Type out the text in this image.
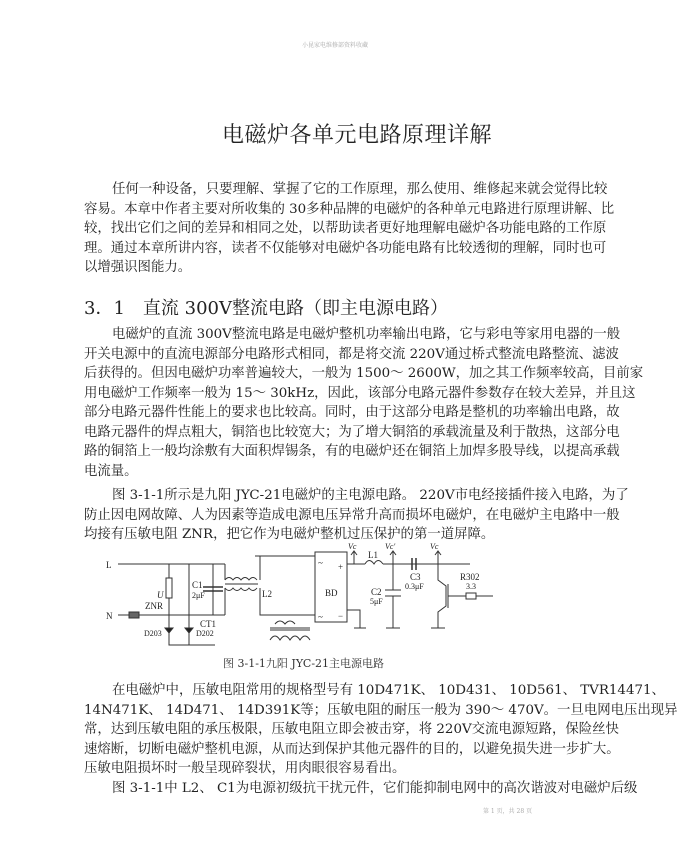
小昆家电维修部资料收藏
电磁炉各单元电路原理详解
任何一种设备，只要理解、掌握了它的工作原理，那么使用、维修起来就会觉得比较
容易。本章中作者主要对所收集的 30多种品牌的电磁炉的各种单元电路进行原理讲解、比
较，找出它们之间的差异和相同之处，以帮助读者更好地理解电磁炉各功能电路的工作原
理。通过本章所讲内容，读者不仅能够对电磁炉各功能电路有比较透彻的理解，同时也可
以增强识图能力。
3．1　直流 300V整流电路（即主电源电路）
电磁炉的直流 300V整流电路是电磁炉整机功率输出电路，它与彩电等家用电器的一般
开关电源中的直流电源部分电路形式相同，都是将交流 220V通过桥式整流电路整流、滤波
后获得的。但因电磁炉功率普遍较大，一般为 1500～ 2600W，加之其工作频率较高，目前家
用电磁炉工作频率一般为 15～ 30kHz，因此，该部分电路元器件参数存在较大差异，并且这
部分电路元器件性能上的要求也比较高。同时，由于这部分电路是整机的功率输出电路，故
电路元器件的焊点粗大，铜箔也比较宽大；为了增大铜箔的承载流量及利于散热，这部分电
路的铜箔上一般均涂敷有大面积焊锡条，有的电磁炉还在铜箔上加焊多股导线，以提高承载
电流量。
图 3-1-1所示是九阳 JYC-21电磁炉的主电源电路。 220V市电经接插件接入电路，为了
防止因电网故障、人为因素等造成电源电压异常升高而损坏电磁炉，在电磁炉主电路中一般
均接有压敏电阻 ZNR，把它作为电磁炉整机过压保护的第一道屏障。
L
N
U
ZNR
C1
2μF	L2
CT1
BD
D203	D202
Vc
L1
Vc'	Vc
C2
5μF
C3
0.3μF
R302
3.3
~
~
+
−
图 3-1-1九阳 JYC-21主电源电路
在电磁炉中，压敏电阻常用的规格型号有 10D471K、 10D431、 10D561、 TVR14471、
14N471K、 14D471、 14D391K等；压敏电阻的耐压一般为 390～ 470V。一旦电网电压出现异
常，达到压敏电阻的承压极限，压敏电阻立即会被击穿，将 220V交流电源短路，保险丝快
速熔断，切断电磁炉整机电源，从而达到保护其他元器件的目的，以避免损失进一步扩大。
压敏电阻损坏时一般呈现碎裂状，用肉眼很容易看出。
图 3-1-1中 L2、 C1为电源初级抗干扰元件，它们能抑制电网中的高次谐波对电磁炉后级
第 1 页，共 28 页
